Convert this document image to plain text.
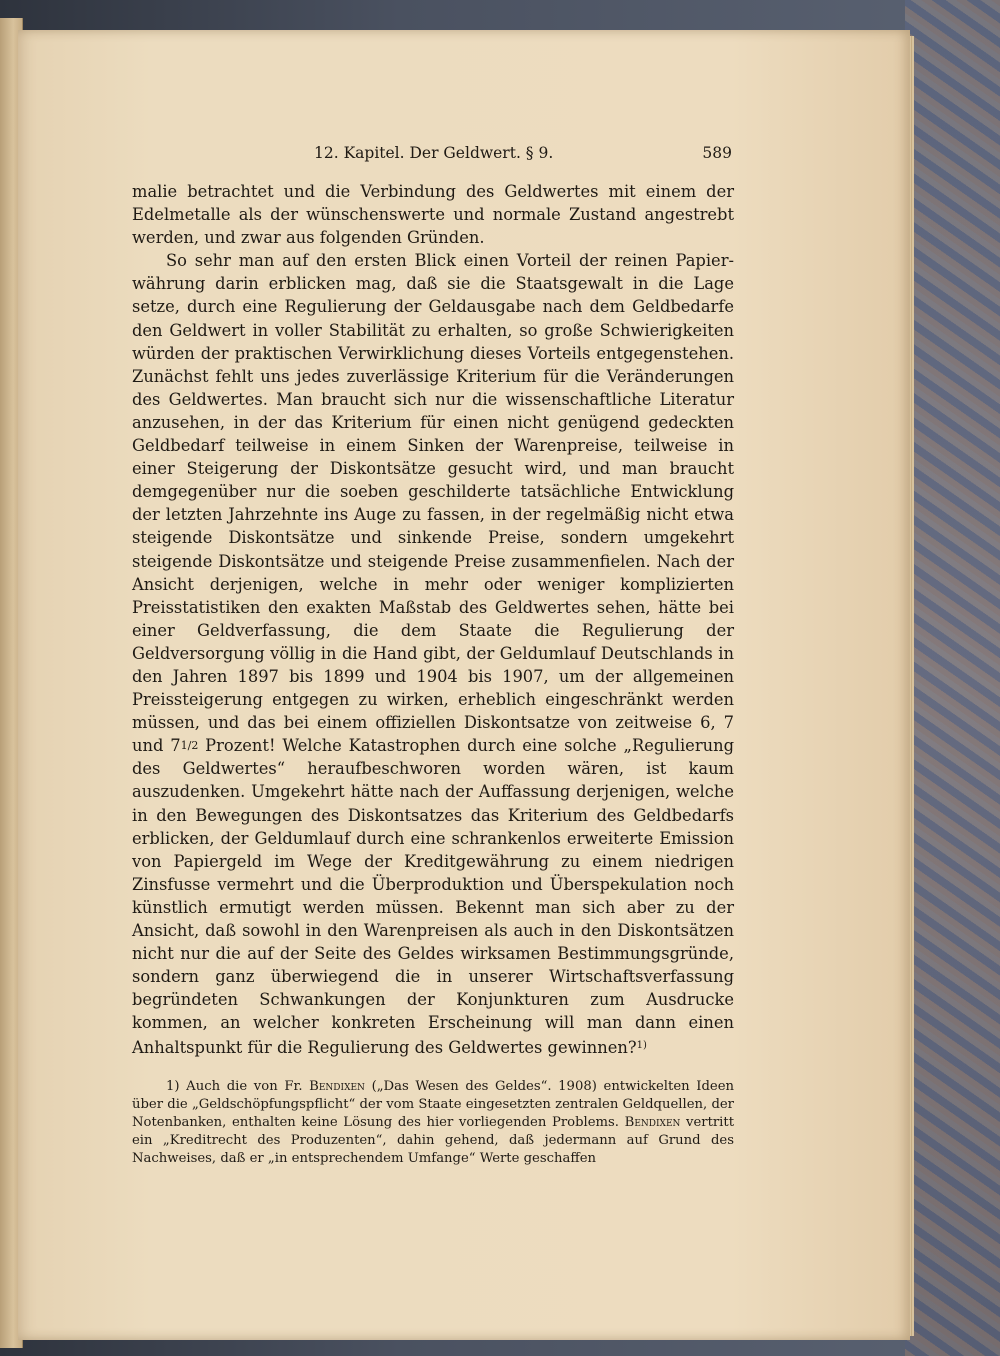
12. Kapitel. Der Geldwert. § 9.	589

malie betrachtet und die Verbindung des Geldwertes mit einem der Edelmetalle als der wünschenswerte und normale Zustand angestrebt werden, und zwar aus folgenden Gründen.

So sehr man auf den ersten Blick einen Vorteil der reinen Papierwährung darin erblicken mag, daß sie die Staatsgewalt in die Lage setze, durch eine Regulierung der Geldausgabe nach dem Geldbedarfe den Geldwert in voller Stabilität zu erhalten, so große Schwierigkeiten würden der praktischen Verwirklichung dieses Vorteils entgegenstehen. Zunächst fehlt uns jedes zuverlässige Kriterium für die Veränderungen des Geldwertes. Man braucht sich nur die wissenschaftliche Literatur anzusehen, in der das Kriterium für einen nicht genügend gedeckten Geldbedarf teilweise in einem Sinken der Warenpreise, teilweise in einer Steigerung der Diskontsätze gesucht wird, und man braucht demgegenüber nur die soeben geschilderte tatsächliche Entwicklung der letzten Jahrzehnte ins Auge zu fassen, in der regelmäßig nicht etwa steigende Diskontsätze und sinkende Preise, sondern umgekehrt steigende Diskontsätze und steigende Preise zusammenfielen. Nach der Ansicht derjenigen, welche in mehr oder weniger komplizierten Preisstatistiken den exakten Maßstab des Geldwertes sehen, hätte bei einer Geldverfassung, die dem Staate die Regulierung der Geldversorgung völlig in die Hand gibt, der Geldumlauf Deutschlands in den Jahren 1897 bis 1899 und 1904 bis 1907, um der allgemeinen Preissteigerung entgegen zu wirken, erheblich eingeschränkt werden müssen, und das bei einem offiziellen Diskontsatze von zeitweise 6, 7 und 71/2 Prozent! Welche Katastrophen durch eine solche „Regulierung des Geldwertes“ heraufbeschworen worden wären, ist kaum auszudenken. Umgekehrt hätte nach der Auffassung derjenigen, welche in den Bewegungen des Diskontsatzes das Kriterium des Geldbedarfs erblicken, der Geldumlauf durch eine schrankenlos erweiterte Emission von Papiergeld im Wege der Kreditgewährung zu einem niedrigen Zinsfusse vermehrt und die Überproduktion und Überspekulation noch künstlich ermutigt werden müssen. Bekennt man sich aber zu der Ansicht, daß sowohl in den Warenpreisen als auch in den Diskontsätzen nicht nur die auf der Seite des Geldes wirksamen Bestimmungsgründe, sondern ganz überwiegend die in unserer Wirtschaftsverfassung begründeten Schwankungen der Konjunkturen zum Ausdrucke kommen, an welcher konkreten Erscheinung will man dann einen Anhaltspunkt für die Regulierung des Geldwertes gewinnen?$^{1)}$

1) Auch die von Fr. Bendixen („Das Wesen des Geldes“. 1908) entwickelten Ideen über die „Geldschöpfungspflicht“ der vom Staate eingesetzten zentralen Geldquellen, der Notenbanken, enthalten keine Lösung des hier vorliegenden Problems. Bendixen vertritt ein „Kreditrecht des Produzenten“, dahin gehend, daß jedermann auf Grund des Nachweises, daß er „in entsprechendem Umfange“ Werte geschaffen
